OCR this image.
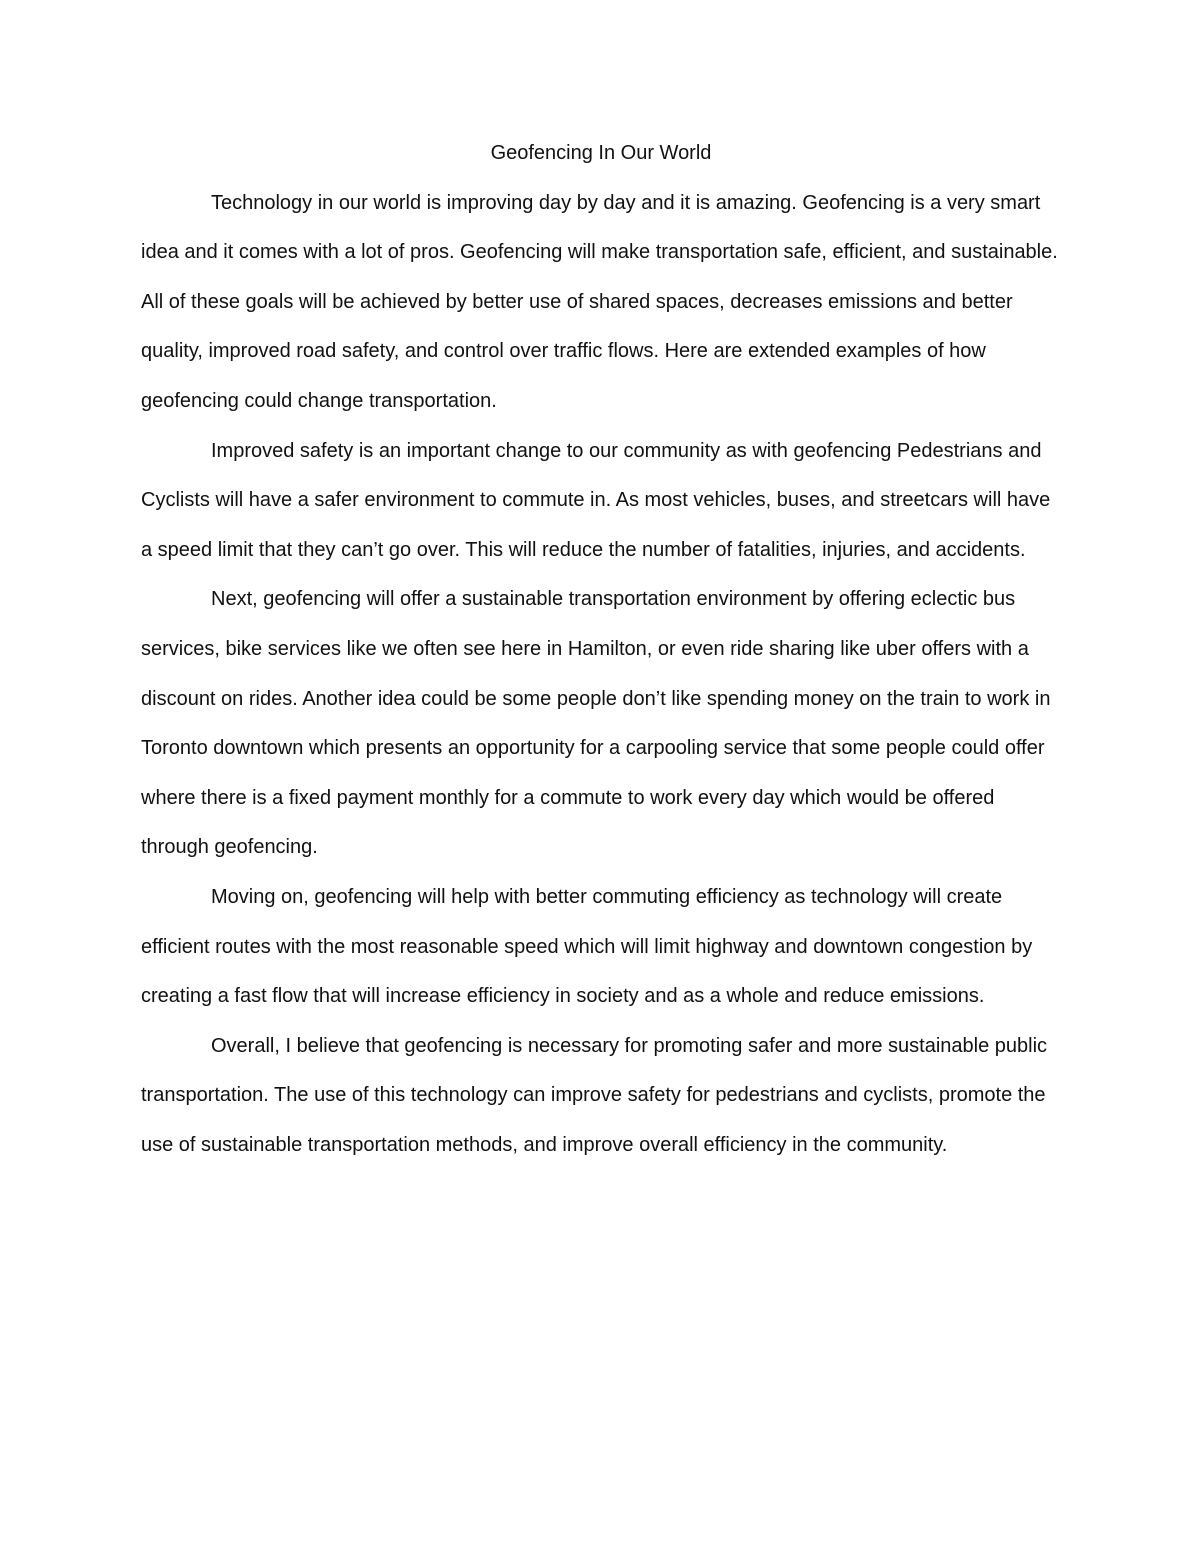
Geofencing In Our World

Technology in our world is improving day by day and it is amazing. Geofencing is a very smart idea and it comes with a lot of pros. Geofencing will make transportation safe, efficient, and sustainable. All of these goals will be achieved by better use of shared spaces, decreases emissions and better quality, improved road safety, and control over traffic flows. Here are extended examples of how geofencing could change transportation.

Improved safety is an important change to our community as with geofencing Pedestrians and Cyclists will have a safer environment to commute in. As most vehicles, buses, and streetcars will have a speed limit that they can’t go over. This will reduce the number of fatalities, injuries, and accidents.

Next, geofencing will offer a sustainable transportation environment by offering eclectic bus services, bike services like we often see here in Hamilton, or even ride sharing like uber offers with a discount on rides. Another idea could be some people don’t like spending money on the train to work in Toronto downtown which presents an opportunity for a carpooling service that some people could offer where there is a fixed payment monthly for a commute to work every day which would be offered through geofencing.

Moving on, geofencing will help with better commuting efficiency as technology will create efficient routes with the most reasonable speed which will limit highway and downtown congestion by creating a fast flow that will increase efficiency in society and as a whole and reduce emissions.

Overall, I believe that geofencing is necessary for promoting safer and more sustainable public transportation. The use of this technology can improve safety for pedestrians and cyclists, promote the use of sustainable transportation methods, and improve overall efficiency in the community.
